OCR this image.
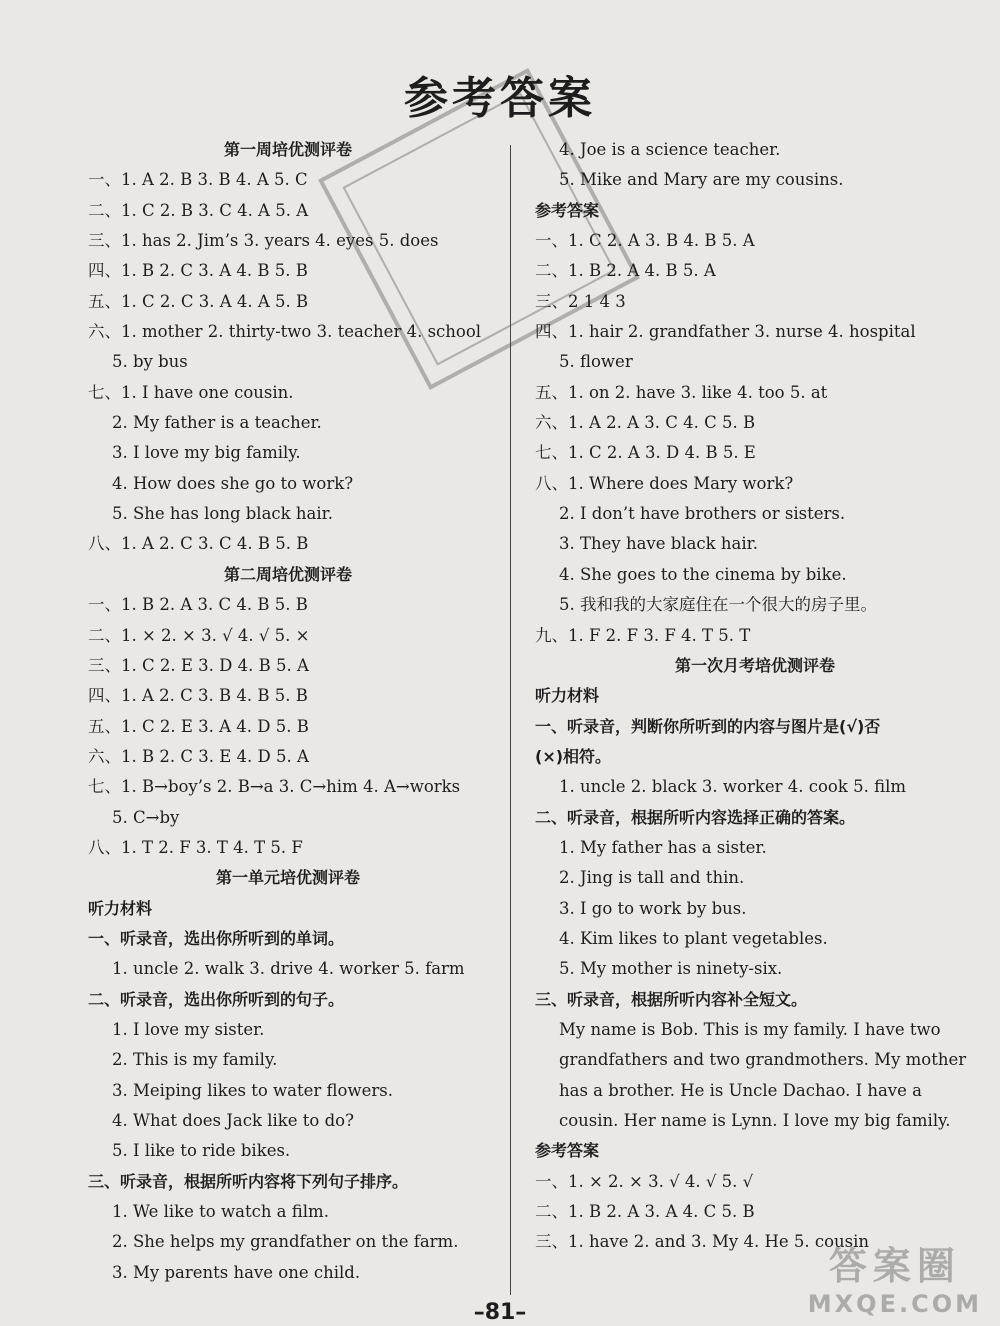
参考答案
第一周培优测评卷
一、1. A 2. B 3. B 4. A 5. C
二、1. C 2. B 3. C 4. A 5. A
三、1. has 2. Jim’s 3. years 4. eyes 5. does
四、1. B 2. C 3. A 4. B 5. B
五、1. C 2. C 3. A 4. A 5. B
六、1. mother 2. thirty-two 3. teacher 4. school
5. by bus
七、1. I have one cousin.
2. My father is a teacher.
3. I love my big family.
4. How does she go to work?
5. She has long black hair.
八、1. A 2. C 3. C 4. B 5. B
第二周培优测评卷
一、1. B 2. A 3. C 4. B 5. B
二、1. × 2. × 3. √ 4. √ 5. ×
三、1. C 2. E 3. D 4. B 5. A
四、1. A 2. C 3. B 4. B 5. B
五、1. C 2. E 3. A 4. D 5. B
六、1. B 2. C 3. E 4. D 5. A
七、1. B→boy’s 2. B→a 3. C→him 4. A→works
5. C→by
八、1. T 2. F 3. T 4. T 5. F
第一单元培优测评卷
听力材料
一、听录音，选出你所听到的单词。
1. uncle 2. walk 3. drive 4. worker 5. farm
二、听录音，选出你所听到的句子。
1. I love my sister.
2. This is my family.
3. Meiping likes to water flowers.
4. What does Jack like to do?
5. I like to ride bikes.
三、听录音，根据所听内容将下列句子排序。
1. We like to watch a film.
2. She helps my grandfather on the farm.
3. My parents have one child.
4. Joe is a science teacher.
5. Mike and Mary are my cousins.
参考答案
一、1. C 2. A 3. B 4. B 5. A
二、1. B 2. A 4. B 5. A
三、2 1 4 3
四、1. hair 2. grandfather 3. nurse 4. hospital
5. flower
五、1. on 2. have 3. like 4. too 5. at
六、1. A 2. A 3. C 4. C 5. B
七、1. C 2. A 3. D 4. B 5. E
八、1. Where does Mary work?
2. I don’t have brothers or sisters.
3. They have black hair.
4. She goes to the cinema by bike.
5. 我和我的大家庭住在一个很大的房子里。
九、1. F 2. F 3. F 4. T 5. T
第一次月考培优测评卷
听力材料
一、听录音，判断你所听到的内容与图片是(√)否
(×)相符。
1. uncle 2. black 3. worker 4. cook 5. film
二、听录音，根据所听内容选择正确的答案。
1. My father has a sister.
2. Jing is tall and thin.
3. I go to work by bus.
4. Kim likes to plant vegetables.
5. My mother is ninety-six.
三、听录音，根据所听内容补全短文。
My name is Bob. This is my family. I have two grandfathers and two grandmothers. My mother has a brother. He is Uncle Dachao. I have a cousin. Her name is Lynn. I love my big family.
参考答案
一、1. × 2. × 3. √ 4. √ 5. √
二、1. B 2. A 3. A 4. C 5. B
三、1. have 2. and 3. My 4. He 5. cousin
–81–
答案圈
MXQE.COM
